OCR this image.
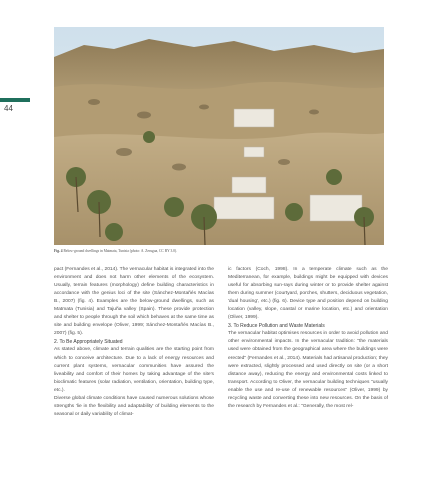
44
Fig. 4 Below-ground dwellings in Matmata, Tunisia (photo: A. Zerugua, CC BY 3.0).

pact (Fernandes et al., 2014). The vernacular habitat is integrated into the environment and does not harm other elements of the ecosystem. Usually, terrain features (morphology) define building characteristics in accordance with the genius loci of the site (Sánchez-Montañés Macías B., 2007) (fig. 4). Examples are the below-ground dwellings, such as Matmata (Tunisia) and Tajuña valley (Spain). These provide protection and shelter to people through the soil which behaves at the same time as site and building envelope (Oliver, 1999; Sánchez-Montañés Macías B., 2007) (fig. 5).

2. To Be Appropriately Situated

As stated above, climate and terrain qualities are the starting point from which to conceive architecture. Due to a lack of energy resources and current plant systems, vernacular communities have assured the liveability and comfort of their homes by taking advantage of the site's bioclimatic features (solar radiation, ventilation, orientation, building type, etc.).

Diverse global climate conditions have caused numerous solutions whose strengths 'lie in the flexibility and adaptability' of building elements to the seasonal or daily variability of climat-

ic factors (Coch, 1998). In a temperate climate such as the Mediterranean, for example, buildings might be equipped with devices useful for absorbing sun-rays during winter or to provide shelter against them during summer (courtyard, porches, shutters, deciduous vegetation, 'dual housing', etc.) (fig. 6). Device type and position depend on building location (valley, slope, coastal or marine location, etc.) and orientation (Oliver, 1999).

3. To Reduce Pollution and Waste Materials

The vernacular habitat optimises resources in order to avoid pollution and other environmental impacts. In the vernacular tradition: "the materials used were obtained from the geographical area where the buildings were erected" (Fernandes et al., 2014). Materials had artisanal production; they were extracted, slightly processed and used directly on site (or a short distance away), reducing the energy and environmental costs linked to transport. According to Oliver, the vernacular building techniques "usually enable the use and re-use of renewable resources" (Oliver, 1999) by recycling waste and converting these into new resources. On the basis of the research by Fernandes et al.: "Generally, the most rel-
